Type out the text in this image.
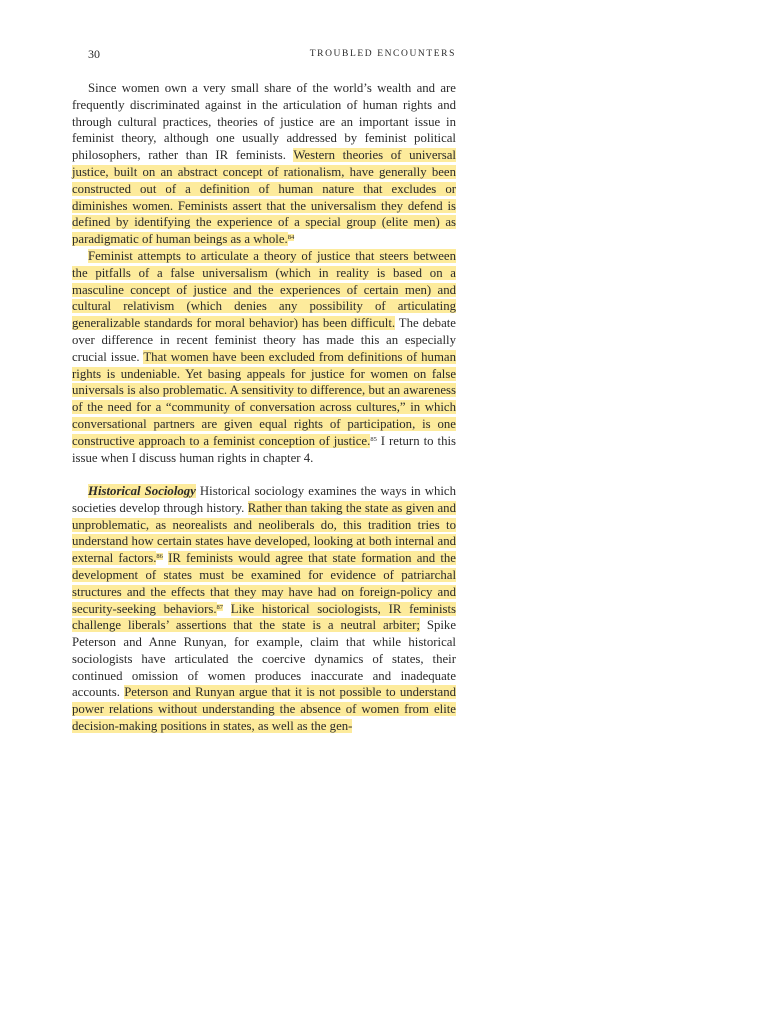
30	TROUBLED ENCOUNTERS

Since women own a very small share of the world’s wealth and are frequently discriminated against in the articulation of human rights and through cultural practices, theories of justice are an important issue in feminist theory, although one usually addressed by feminist political philosophers, rather than IR feminists. Western theories of universal justice, built on an abstract concept of rationalism, have generally been constructed out of a definition of human nature that excludes or diminishes women. Feminists assert that the universalism they defend is defined by identifying the experience of a special group (elite men) as paradigmatic of human beings as a whole.$^{84}$

Feminist attempts to articulate a theory of justice that steers between the pitfalls of a false universalism (which in reality is based on a masculine concept of justice and the experiences of certain men) and cultural relativism (which denies any possibility of articulating generalizable standards for moral behavior) has been difficult. The debate over difference in recent feminist theory has made this an especially crucial issue. That women have been excluded from definitions of human rights is undeniable. Yet basing appeals for justice for women on false universals is also problematic. A sensitivity to difference, but an awareness of the need for a “community of conversation across cultures,” in which conversational partners are given equal rights of participation, is one constructive approach to a feminist conception of justice.$^{85}$ I return to this issue when I discuss human rights in chapter 4.

Historical Sociology Historical sociology examines the ways in which societies develop through history. Rather than taking the state as given and unproblematic, as neorealists and neoliberals do, this tradition tries to understand how certain states have developed, looking at both internal and external factors.$^{86}$ IR feminists would agree that state formation and the development of states must be examined for evidence of patriarchal structures and the effects that they may have had on foreign-policy and security-seeking behaviors.$^{87}$ Like historical sociologists, IR feminists challenge liberals’ assertions that the state is a neutral arbiter; Spike Peterson and Anne Runyan, for example, claim that while historical sociologists have articulated the coercive dynamics of states, their continued omission of women produces inaccurate and inadequate accounts. Peterson and Runyan argue that it is not possible to understand power relations without understanding the absence of women from elite decision-making positions in states, as well as the gen-
